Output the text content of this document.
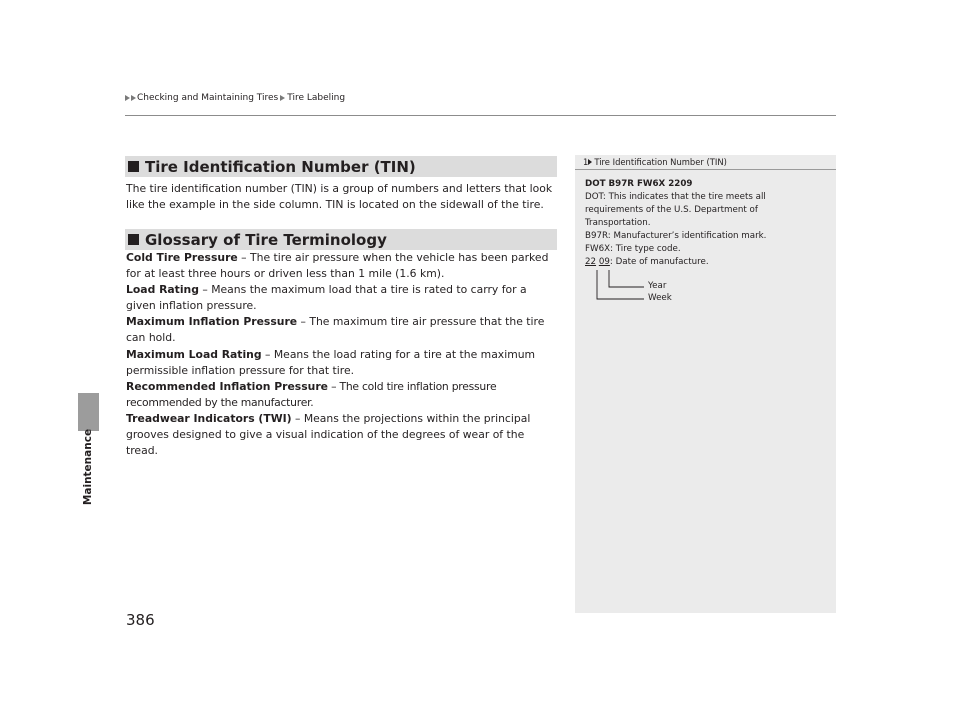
Checking and Maintaining Tires Tire Labeling
Maintenance
Tire Identification Number (TIN)
The tire identification number (TIN) is a group of numbers and letters that look like the example in the side column. TIN is located on the sidewall of the tire.
Glossary of Tire Terminology
Cold Tire Pressure – The tire air pressure when the vehicle has been parked for at least three hours or driven less than 1 mile (1.6 km).
Load Rating – Means the maximum load that a tire is rated to carry for a given inflation pressure.
Maximum Inflation Pressure – The maximum tire air pressure that the tire can hold.
Maximum Load Rating – Means the load rating for a tire at the maximum permissible inflation pressure for that tire.
Recommended Inflation Pressure – The cold tire inflation pressure recommended by the manufacturer.
Treadwear Indicators (TWI) – Means the projections within the principal grooves designed to give a visual indication of the degrees of wear of the tread.
386
1 Tire Identification Number (TIN)
DOT B97R FW6X 2209
DOT: This indicates that the tire meets all
requirements of the U.S. Department of
Transportation.
B97R: Manufacturer’s identification mark.
FW6X: Tire type code.
22 09: Date of manufacture.
Year
Week
